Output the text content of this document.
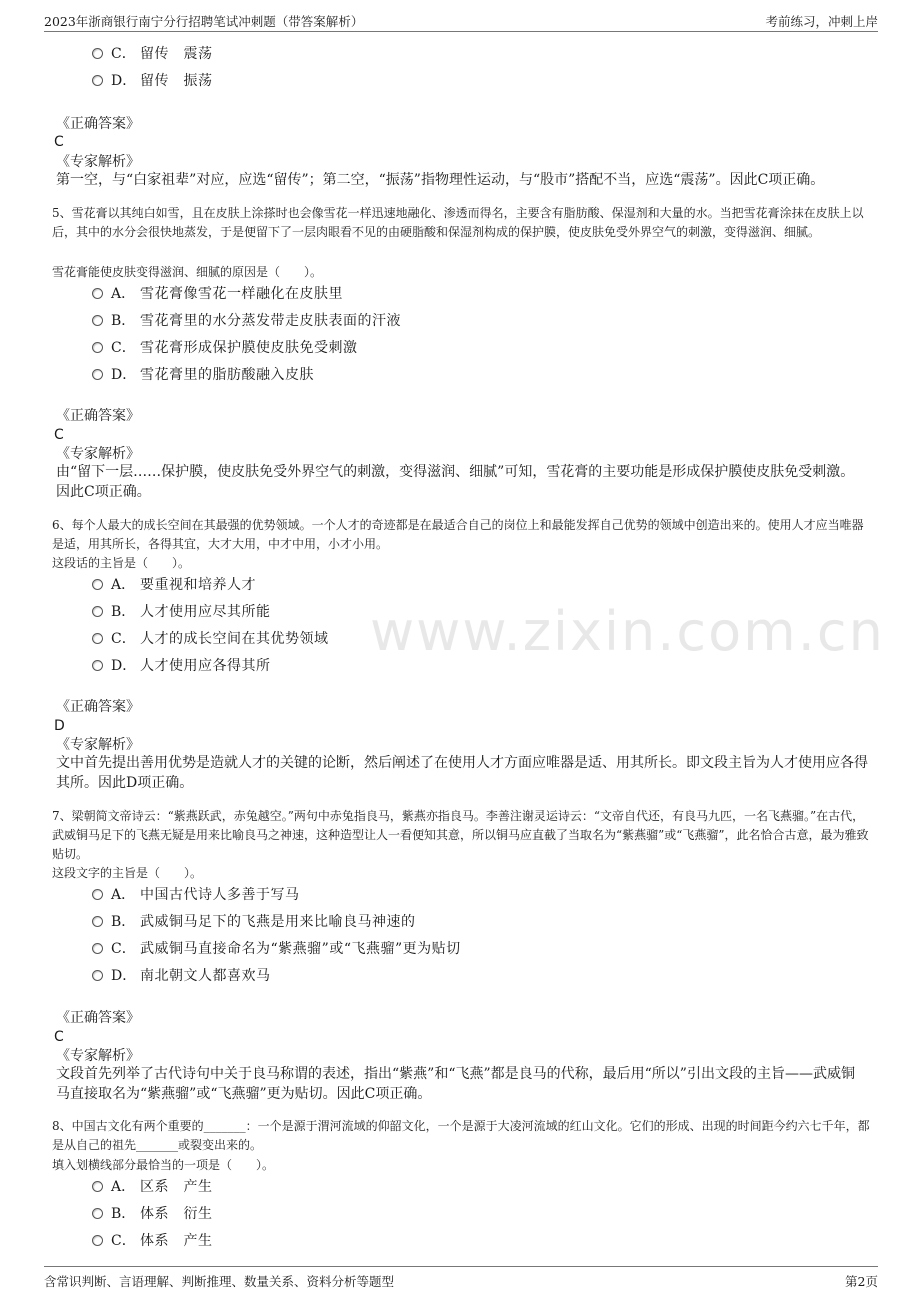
2023年浙商银行南宁分行招聘笔试冲刺题（带答案解析）	考前练习，冲刺上岸
C． 留传　震荡
D． 留传　振荡
《正确答案》
C
《专家解析》
第一空，与“白家祖辈”对应，应选“留传”；第二空，“振荡”指物理性运动，与“股市”搭配不当，应选“震荡”。因此C项正确。
5、雪花膏以其纯白如雪，且在皮肤上涂搽时也会像雪花一样迅速地融化、渗透而得名，主要含有脂肪酸、保湿剂和大量的水。当把雪花膏涂抹在皮肤上以后，其中的水分会很快地蒸发，于是便留下了一层肉眼看不见的由硬脂酸和保湿剂构成的保护膜，使皮肤免受外界空气的刺激，变得滋润、细腻。
雪花膏能使皮肤变得滋润、细腻的原因是（　　）。
A． 雪花膏像雪花一样融化在皮肤里
B． 雪花膏里的水分蒸发带走皮肤表面的汗液
C． 雪花膏形成保护膜使皮肤免受刺激
D． 雪花膏里的脂肪酸融入皮肤
《正确答案》
C
《专家解析》
由“留下一层……保护膜，使皮肤免受外界空气的刺激，变得滋润、细腻”可知，雪花膏的主要功能是形成保护膜使皮肤免受刺激。因此C项正确。
6、每个人最大的成长空间在其最强的优势领域。一个人才的奇迹都是在最适合自己的岗位上和最能发挥自己优势的领域中创造出来的。使用人才应当唯器是适，用其所长，各得其宜，大才大用，中才中用，小才小用。
这段话的主旨是（　　）。
A． 要重视和培养人才
B． 人才使用应尽其所能
C． 人才的成长空间在其优势领域
D． 人才使用应各得其所
《正确答案》
D
《专家解析》
文中首先提出善用优势是造就人才的关键的论断，然后阐述了在使用人才方面应唯器是适、用其所长。即文段主旨为人才使用应各得其所。因此D项正确。
7、梁朝简文帝诗云：“紫燕跃武，赤兔越空。”两句中赤兔指良马，紫燕亦指良马。李善注谢灵运诗云：“文帝自代还，有良马九匹，一名飞燕骝。”在古代，武威铜马足下的飞燕无疑是用来比喻良马之神速，这种造型让人一看便知其意，所以铜马应直截了当取名为“紫燕骝”或“飞燕骝”，此名恰合古意，最为雅致贴切。
这段文字的主旨是（　　）。
A． 中国古代诗人多善于写马
B． 武威铜马足下的飞燕是用来比喻良马神速的
C． 武威铜马直接命名为“紫燕骝”或“飞燕骝”更为贴切
D． 南北朝文人都喜欢马
《正确答案》
C
《专家解析》
文段首先列举了古代诗句中关于良马称谓的表述，指出“紫燕”和“飞燕”都是良马的代称，最后用“所以”引出文段的主旨——武威铜马直接取名为“紫燕骝”或“飞燕骝”更为贴切。因此C项正确。
8、中国古文化有两个重要的_______：一个是源于渭河流域的仰韶文化，一个是源于大凌河流域的红山文化。它们的形成、出现的时间距今约六七千年，都是从自己的祖先_______或裂变出来的。
填入划横线部分最恰当的一项是（　　）。
A． 区系　产生
B． 体系　衍生
C． 体系　产生
www.zixin.com.cn
含常识判断、言语理解、判断推理、数量关系、资料分析等题型	第2页
